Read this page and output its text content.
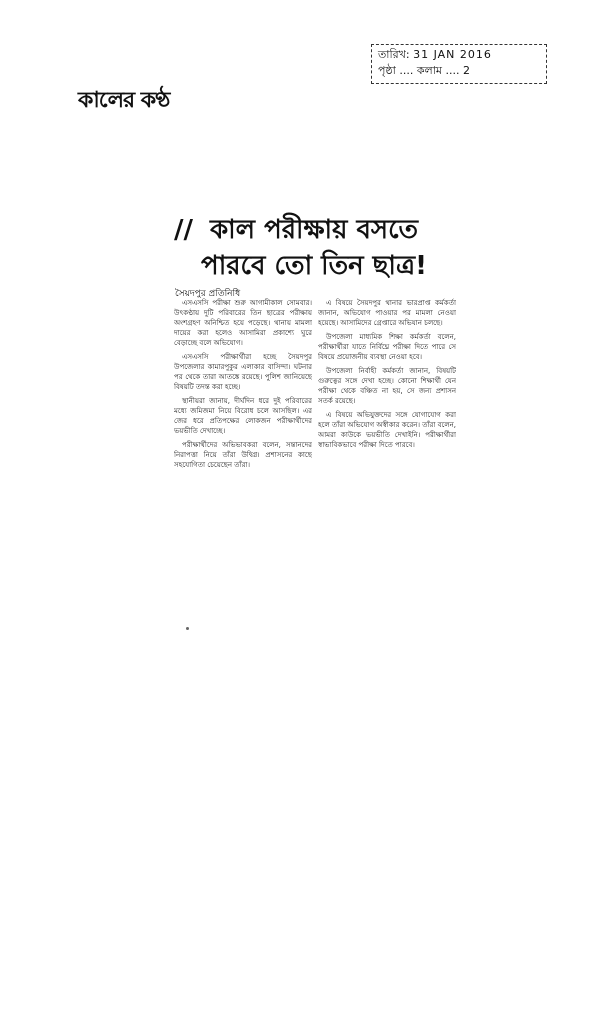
তারিখ: 31 JAN 2016
পৃষ্ঠা .... কলাম .... 2
কালের কণ্ঠ
// কাল পরীক্ষায় বসতে
পারবে তো তিন ছাত্র!
সৈয়দপুর প্রতিনিধি

এসএসসি পরীক্ষা শুরু আগামীকাল সোমবার। উৎকণ্ঠায় দুটি পরিবারের তিন ছাত্রের পরীক্ষায় অংশগ্রহণ অনিশ্চিত হয়ে পড়েছে। থানায় মামলা দায়ের করা হলেও আসামিরা প্রকাশ্যে ঘুরে বেড়াচ্ছে বলে অভিযোগ।

এসএসসি পরীক্ষার্থীরা হচ্ছে সৈয়দপুর উপজেলার কামারপুকুর এলাকার বাসিন্দা। ঘটনার পর থেকে তারা আতঙ্কে রয়েছে। পুলিশ জানিয়েছে বিষয়টি তদন্ত করা হচ্ছে।

স্থানীয়রা জানায়, দীর্ঘদিন ধরে দুই পরিবারের মধ্যে জমিজমা নিয়ে বিরোধ চলে আসছিল। এর জের ধরে প্রতিপক্ষের লোকজন পরীক্ষার্থীদের ভয়ভীতি দেখাচ্ছে।

পরীক্ষার্থীদের অভিভাবকরা বলেন, সন্তানদের নিরাপত্তা নিয়ে তাঁরা উদ্বিগ্ন। প্রশাসনের কাছে সহযোগিতা চেয়েছেন তাঁরা।

এ বিষয়ে সৈয়দপুর থানার ভারপ্রাপ্ত কর্মকর্তা জানান, অভিযোগ পাওয়ার পর মামলা নেওয়া হয়েছে। আসামিদের গ্রেপ্তারে অভিযান চলছে।

উপজেলা মাধ্যমিক শিক্ষা কর্মকর্তা বলেন, পরীক্ষার্থীরা যাতে নির্বিঘ্নে পরীক্ষা দিতে পারে সে বিষয়ে প্রয়োজনীয় ব্যবস্থা নেওয়া হবে।

উপজেলা নির্বাহী কর্মকর্তা জানান, বিষয়টি গুরুত্বের সঙ্গে দেখা হচ্ছে। কোনো শিক্ষার্থী যেন পরীক্ষা থেকে বঞ্চিত না হয়, সে জন্য প্রশাসন সতর্ক রয়েছে।

এ বিষয়ে অভিযুক্তদের সঙ্গে যোগাযোগ করা হলে তাঁরা অভিযোগ অস্বীকার করেন। তাঁরা বলেন, আমরা কাউকে ভয়ভীতি দেখাইনি। পরীক্ষার্থীরা স্বাভাবিকভাবে পরীক্ষা দিতে পারবে।
